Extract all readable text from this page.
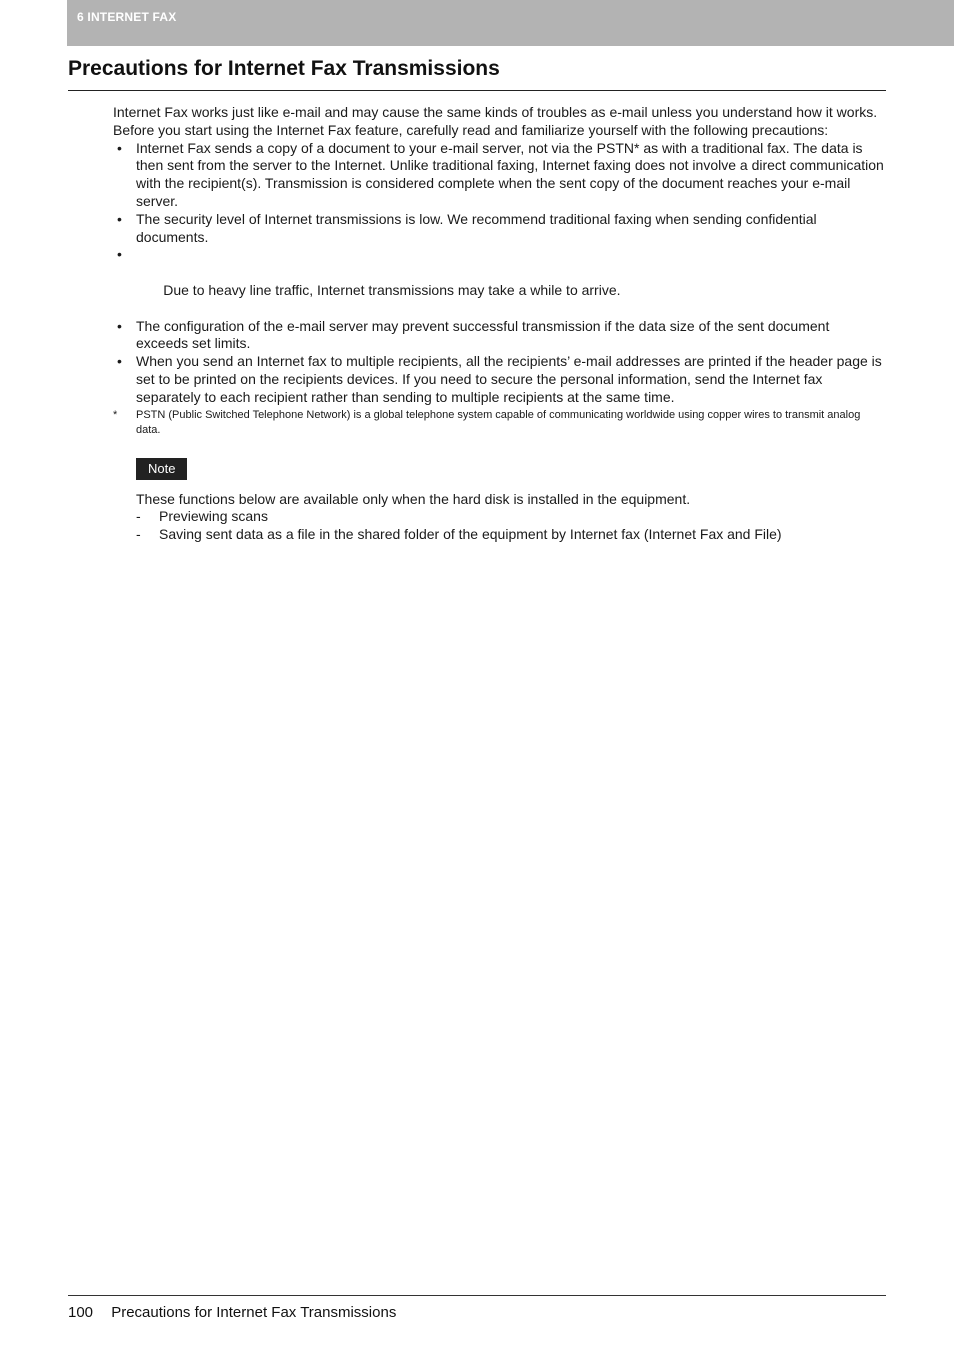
6 INTERNET FAX
Precautions for Internet Fax Transmissions

Internet Fax works just like e-mail and may cause the same kinds of troubles as e-mail unless you understand how it works. Before you start using the Internet Fax feature, carefully read and familiarize yourself with the following precautions:

• Internet Fax sends a copy of a document to your e-mail server, not via the PSTN* as with a traditional fax. The data is then sent from the server to the Internet. Unlike traditional faxing, Internet faxing does not involve a direct communication with the recipient(s). Transmission is considered complete when the sent copy of the document reaches your e-mail server.
• The security level of Internet transmissions is low. We recommend traditional faxing when sending confidential documents.

•

Due to heavy line traffic, Internet transmissions may take a while to arrive.

• The configuration of the e-mail server may prevent successful transmission if the data size of the sent document exceeds set limits.
• When you send an Internet fax to multiple recipients, all the recipients’ e-mail addresses are printed if the header page is set to be printed on the recipients devices. If you need to secure the personal information, send the Internet fax separately to each recipient rather than sending to multiple recipients at the same time.
* PSTN (Public Switched Telephone Network) is a global telephone system capable of communicating worldwide using copper wires to transmit analog data.
Note

These functions below are available only when the hard disk is installed in the equipment.

- Previewing scans
- Saving sent data as a file in the shared folder of the equipment by Internet fax (Internet Fax and File)
100 Precautions for Internet Fax Transmissions
